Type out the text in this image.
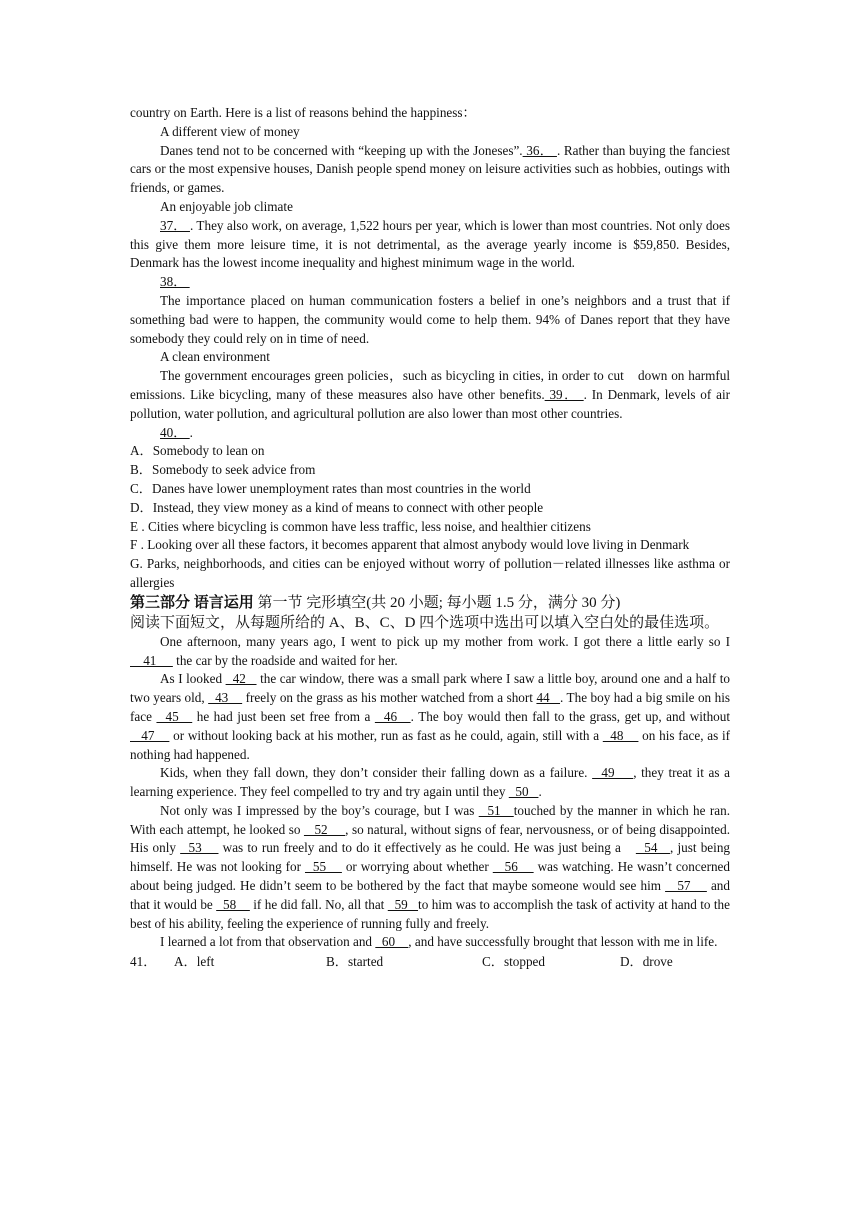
country on Earth. Here is a list of reasons behind the happiness：

A different view of money

Danes tend not to be concerned with “keeping up with the Joneses”. 36． . Rather than buying the fanciest cars or the most expensive houses, Danish people spend money on leisure activities such as hobbies, outings with friends, or games.

An enjoyable job climate

37． . They also work, on average, 1,522 hours per year, which is lower than most countries. Not only does this give them more leisure time, it is not detrimental, as the average yearly income is $59,850. Besides, Denmark has the lowest income inequality and highest minimum wage in the world.

38．

The importance placed on human communication fosters a belief in one’s neighbors and a trust that if something bad were to happen, the community would come to help them. 94% of Danes report that they have somebody they could rely on in time of need.

A clean environment

The government encourages green policies，such as bicycling in cities, in order to cut　down on harmful emissions. Like bicycling, many of these measures also have other benefits. 39． . In Denmark, levels of air pollution, water pollution, and agricultural pollution are also lower than most other countries.

40． .

A．Somebody to lean on

B．Somebody to seek advice from

C．Danes have lower unemployment rates than most countries in the world

D．Instead, they view money as a kind of means to connect with other people

E . Cities where bicycling is common have less traffic, less noise, and healthier citizens

F . Looking over all these factors, it becomes apparent that almost anybody would love living in Denmark

G. Parks, neighborhoods, and cities can be enjoyed without worry of pollution－related illnesses like asthma or allergies

第三部分 语言运用 第一节 完形填空(共 20 小题; 每小题 1.5 分，满分 30 分)

阅读下面短文，从每题所给的 A、B、C、D 四个选项中选出可以填入空白处的最佳选项。

One afternoon, many years ago, I went to pick up my mother from work. I got there a little early so I　    41      the car by the roadside and waited for her.

As I looked   42    the car window, there was a small park where I saw a little boy, around one and a half to two years old,   43     freely on the grass as his mother watched from a short 44   . The boy had a big smile on his face   45    he had just been set free from a   46   . The boy would then fall to the grass, get up, and without    47     or without looking back at his mother, run as fast as he could, again, still with a   48     on his face, as if nothing had happened.

Kids, when they fall down, they don’t consider their falling down as a failure.   49    , they treat it as a learning experience. They feel compelled to try and try again until they   50   .

Not only was I impressed by the boy’s courage, but I was   51   touched by the manner in which he ran. With each attempt, he looked so    52     , so natural, without signs of fear, nervousness, or of being disappointed. His only   53     was to run freely and to do it effectively as he could. He was just being a　  54   , just being himself. He was not looking for   55     or worrying about whether    56     was watching. He wasn’t concerned about being judged. He didn’t seem to be bothered by the fact that maybe someone would see him    57     and that it would be   58     if he did fall. No, all that   59   to him was to accomplish the task of activity at hand to the best of his ability, feeling the experience of running fully and freely.

I learned a lot from that observation and   60    , and have successfully brought that lesson with me in life.

41．	A．left	B．started	C．stopped	D．drove
